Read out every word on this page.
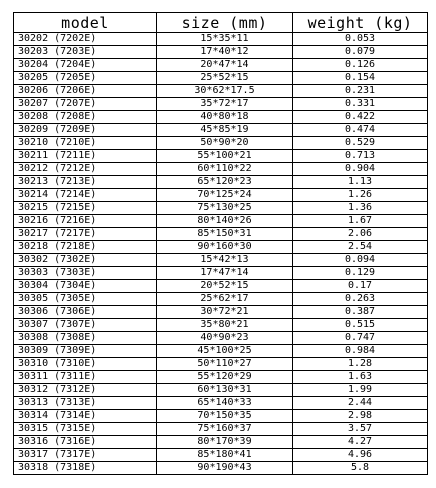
model	size (mm)	weight (kg)
30202 (7202E)	15*35*11	0.053
30203 (7203E)	17*40*12	0.079
30204 (7204E)	20*47*14	0.126
30205 (7205E)	25*52*15	0.154
30206 (7206E)	30*62*17.5	0.231
30207 (7207E)	35*72*17	0.331
30208 (7208E)	40*80*18	0.422
30209 (7209E)	45*85*19	0.474
30210 (7210E)	50*90*20	0.529
30211 (7211E)	55*100*21	0.713
30212 (7212E)	60*110*22	0.904
30213 (7213E)	65*120*23	1.13
30214 (7214E)	70*125*24	1.26
30215 (7215E)	75*130*25	1.36
30216 (7216E)	80*140*26	1.67
30217 (7217E)	85*150*31	2.06
30218 (7218E)	90*160*30	2.54
30302 (7302E)	15*42*13	0.094
30303 (7303E)	17*47*14	0.129
30304 (7304E)	20*52*15	0.17
30305 (7305E)	25*62*17	0.263
30306 (7306E)	30*72*21	0.387
30307 (7307E)	35*80*21	0.515
30308 (7308E)	40*90*23	0.747
30309 (7309E)	45*100*25	0.984
30310 (7310E)	50*110*27	1.28
30311 (7311E)	55*120*29	1.63
30312 (7312E)	60*130*31	1.99
30313 (7313E)	65*140*33	2.44
30314 (7314E)	70*150*35	2.98
30315 (7315E)	75*160*37	3.57
30316 (7316E)	80*170*39	4.27
30317 (7317E)	85*180*41	4.96
30318 (7318E)	90*190*43	5.8
